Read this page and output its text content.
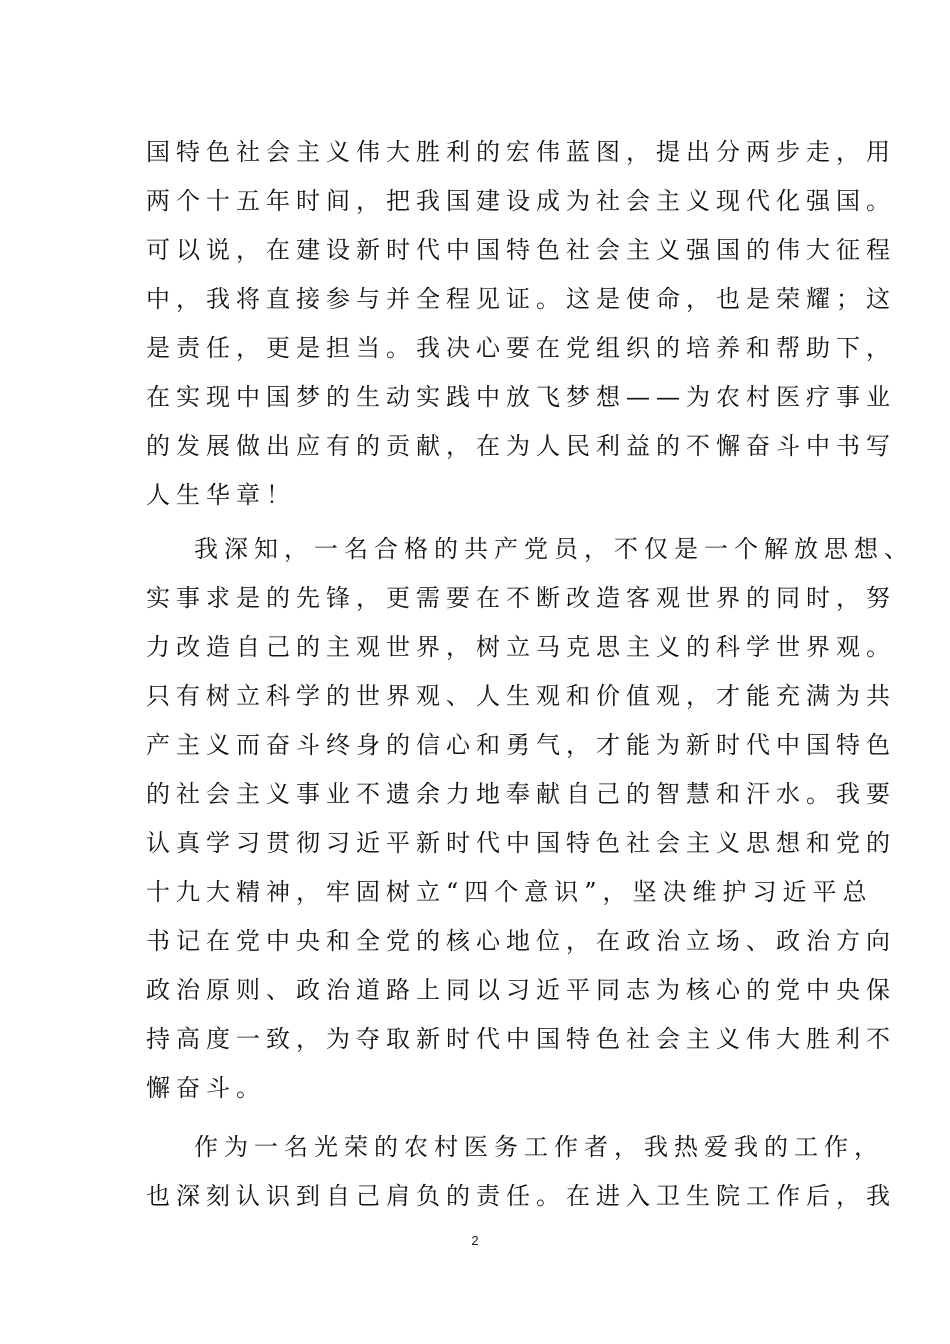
国特色社会主义伟大胜利的宏伟蓝图，提出分两步走，用
两个十五年时间，把我国建设成为社会主义现代化强国。
可以说，在建设新时代中国特色社会主义强国的伟大征程
中，我将直接参与并全程见证。这是使命，也是荣耀；这
是责任，更是担当。我决心要在党组织的培养和帮助下，
在实现中国梦的生动实践中放飞梦想——为农村医疗事业
的发展做出应有的贡献，在为人民利益的不懈奋斗中书写
人生华章！
我深知，一名合格的共产党员，不仅是一个解放思想、
实事求是的先锋，更需要在不断改造客观世界的同时，努
力改造自己的主观世界，树立马克思主义的科学世界观。
只有树立科学的世界观、人生观和价值观，才能充满为共
产主义而奋斗终身的信心和勇气，才能为新时代中国特色
的社会主义事业不遗余力地奉献自己的智慧和汗水。我要
认真学习贯彻习近平新时代中国特色社会主义思想和党的
十九大精神，牢固树立“四个意识”，坚决维护习近平总
书记在党中央和全党的核心地位，在政治立场、政治方向
政治原则、政治道路上同以习近平同志为核心的党中央保
持高度一致，为夺取新时代中国特色社会主义伟大胜利不
懈奋斗。
作为一名光荣的农村医务工作者，我热爱我的工作，
也深刻认识到自己肩负的责任。在进入卫生院工作后，我
2
